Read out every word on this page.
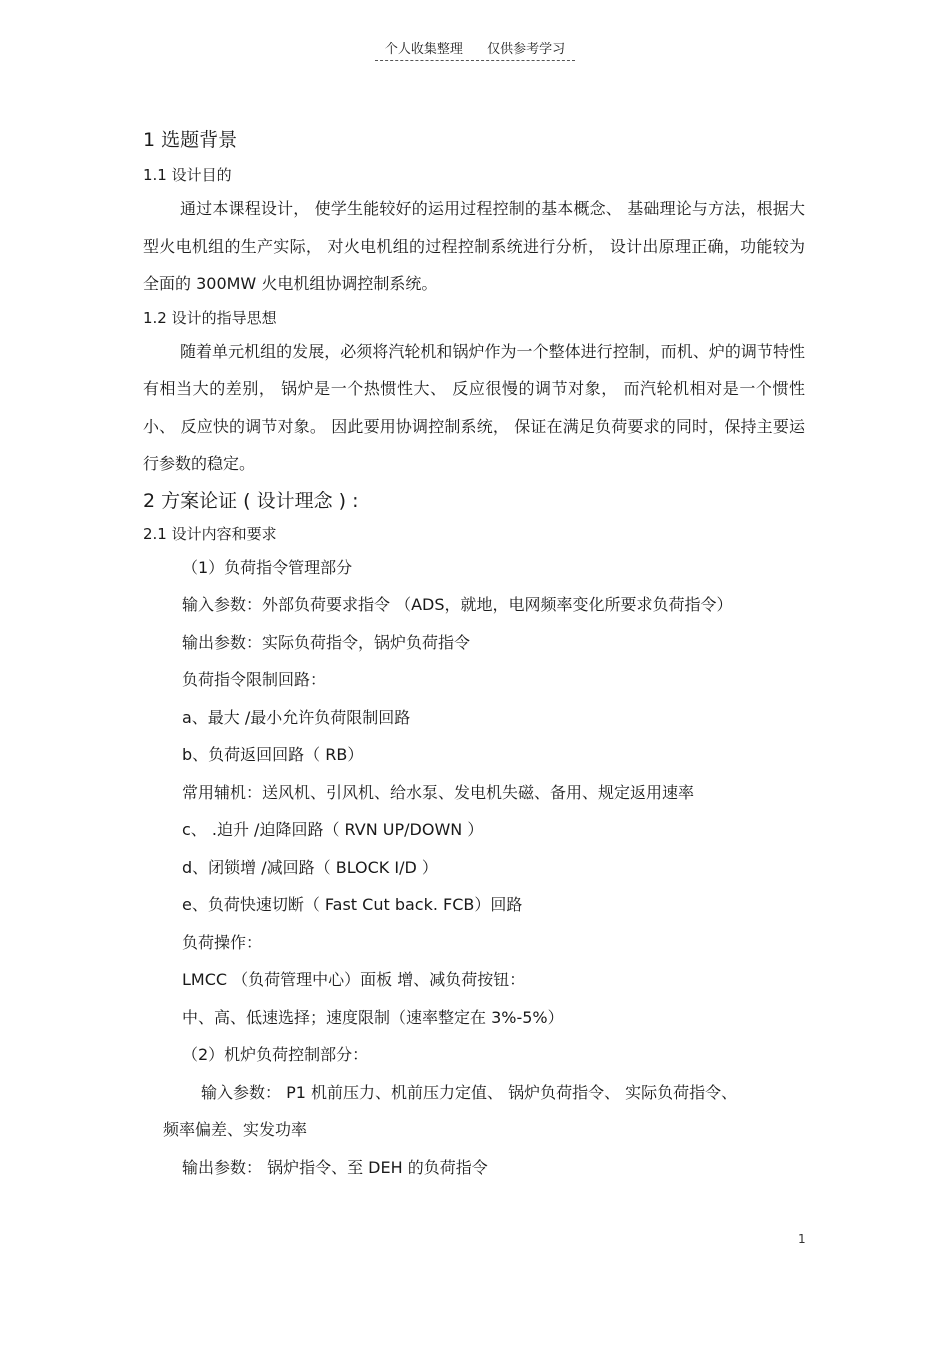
个人收集整理 仅供参考学习

1 选题背景

1.1 设计目的

通过本课程设计， 使学生能较好的运用过程控制的基本概念、 基础理论与方法，根据大型火电机组的生产实际， 对火电机组的过程控制系统进行分析， 设计出原理正确，功能较为全面的 300MW 火电机组协调控制系统。

1.2 设计的指导思想

随着单元机组的发展，必须将汽轮机和锅炉作为一个整体进行控制，而机、炉的调节特性有相当大的差别， 锅炉是一个热惯性大、 反应很慢的调节对象， 而汽轮机相对是一个惯性小、 反应快的调节对象。 因此要用协调控制系统， 保证在满足负荷要求的同时，保持主要运行参数的稳定。

2 方案论证 ( 设计理念 ) :

2.1 设计内容和要求

（1）负荷指令管理部分

输入参数：外部负荷要求指令 （ADS，就地，电网频率变化所要求负荷指令）

输出参数：实际负荷指令，锅炉负荷指令

负荷指令限制回路：

a、最大 /最小允许负荷限制回路

b、负荷返回回路（ RB）

常用辅机：送风机、引风机、给水泵、发电机失磁、备用、规定返用速率

c、 .迫升 /迫降回路（ RVN UP/DOWN ）

d、闭锁增 /减回路（ BLOCK I/D ）

e、负荷快速切断（ Fast Cut back. FCB）回路

负荷操作：

LMCC （负荷管理中心）面板 增、减负荷按钮：

中、高、低速选择；速度限制（速率整定在 3%-5%）

（2）机炉负荷控制部分：

输入参数： P1 机前压力、机前压力定值、 锅炉负荷指令、 实际负荷指令、

频率偏差、实发功率

输出参数： 锅炉指令、至 DEH 的负荷指令

1
